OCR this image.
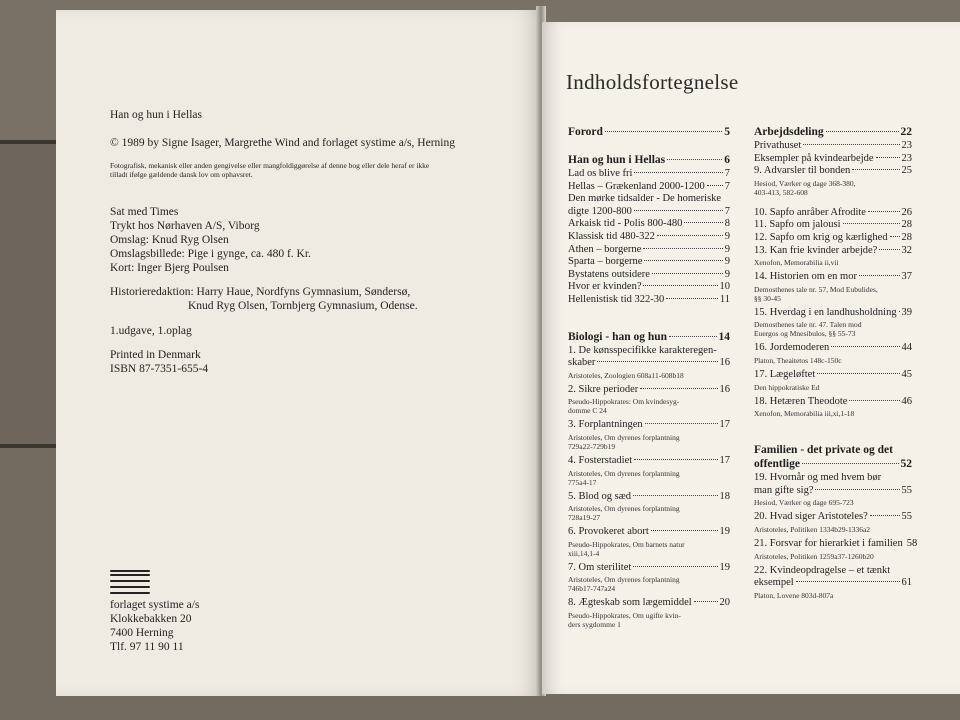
Han og hun i Hellas
© 1989 by Signe Isager, Margrethe Wind and forlaget systime a/s, Herning
Fotografisk, mekanisk eller anden gengivelse eller mangfoldiggørelse af denne bog eller dele heraf er ikke
tilladt ifølge gældende dansk lov om ophavsret.
Sat med Times
Trykt hos Nørhaven A/S, Viborg
Omslag: Knud Ryg Olsen
Omslagsbillede: Pige i gynge, ca. 480 f. Kr.
Kort: Inger Bjerg Poulsen
Historieredaktion: Harry Haue, Nordfyns Gymnasium, Søndersø,
Knud Ryg Olsen, Tornbjerg Gymnasium, Odense.
1.udgave, 1.oplag
Printed in Denmark
ISBN 87-7351-655-4
forlaget systime a/s
Klokkebakken 20
7400 Herning
Tlf. 97 11 90 11
Indholdsfortegnelse
Forord	5
Han og hun i Hellas	6
Lad os blive fri	7
Hellas – Grækenland 2000-1200 7
Den mørke tidsalder - De homeriske
digte 1200-800	7
Arkaisk tid - Polis 800-480	8
Klassisk tid 480-322	9
Athen – borgerne	9
Sparta – borgerne	9
Bystatens outsidere	9
Hvor er kvinden?	10
Hellenistisk tid 322-30	11
Biologi - han og hun	14
1. De kønsspecifikke karakteregen-
skaber	16
Aristoteles, Zoologien 608a11-608b18
2. Sikre perioder	16
Pseudo-Hippokrates: Om kvindesyg-
domme C 24
3. Forplantningen	17
Aristoteles, Om dyrenes forplantning
729a22-729b19
4. Fosterstadiet	17
Aristoteles, Om dyrenes forplantning
775a4-17
5. Blod og sæd	18
Aristoteles, Om dyrenes forplantning
728a19-27
6. Provokeret abort	19
Pseudo-Hippokrates, Om barnets natur
xiii,14,1-4
7. Om sterilitet	19
Aristoteles, Om dyrenes forplantning
746b17-747a24
8. Ægteskab som lægemiddel	20
Pseudo-Hippokrates, Om ugifte kvin-
ders sygdomme 1
Arbejdsdeling	22
Privathuset	23
Eksempler på kvindearbejde	23
9. Advarsler til bonden	25
Hesiod, Værker og dage 368-380,
403-413, 582-608
10. Sapfo anråber Afrodite	26
11. Sapfo om jalousi	28
12. Sapfo om krig og kærlighed 28
13. Kan frie kvinder arbejde? 32
Xenofon, Memorabilia ii,vii
14. Historien om en mor	37
Demosthenes tale nr. 57, Mod Eubulides,
§§ 30-45
15. Hverdag i en landhusholdning 39
Demosthenes tale nr. 47. Talen mod
Euergos og Mnesibulos, §§ 55-73
16. Jordemoderen	44
Platon, Theaitetos 148c-150c
17. Lægeløftet	45
Den hippokratiske Ed
18. Hetæren Theodote	46
Xenofon, Memorabilia iii,xi,1-18
Familien - det private og det
offentlige	52
19. Hvornår og med hvem bør
man gifte sig?	55
Hesiod, Værker og dage 695-723
20. Hvad siger Aristoteles?	55
Aristoteles, Politiken 1334b29-1336a2
21. Forsvar for hierarkiet i familien 58
Aristoteles, Politiken 1259a37-1260b20
22. Kvindeopdragelse – et tænkt
eksempel	61
Platon, Lovene 803d-807a
